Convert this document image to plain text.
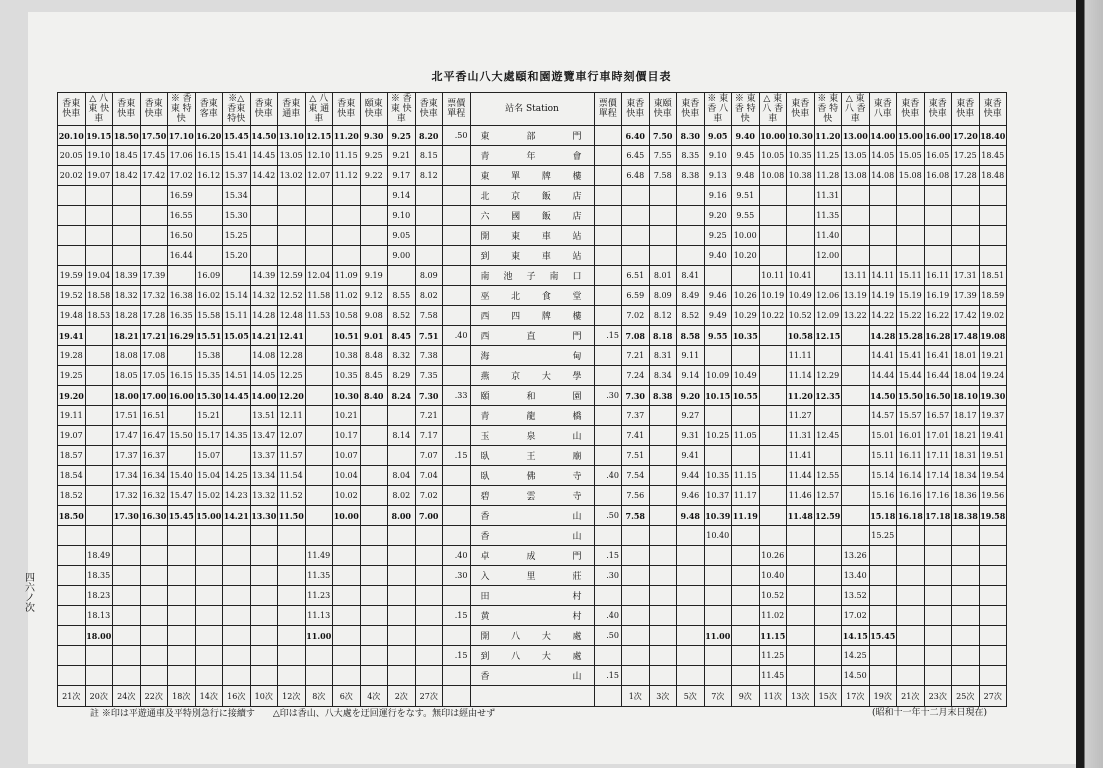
北平香山八大處頤和園遊覽車行車時刻價目表
四六ノ次
香東 快車	△ 八東 快車	香東 快車	香東 快車	※ 香東 特快	香東 客車	※△ 香東 特快	香東 快車	香東 通車	△ 八東 通車	香東 快車	頤東 快車	※ 香東 快車	香東 快車	票價 單程	站名 Station	票價 單程	東香 快車	東頤 快車	東香 快車	※ 東香 八車	※ 東香 特快	△ 東八 香車	東香 快車	※ 東香 特快	△ 東八 香車	東香 八車	東香 快車	東香 快車	東香 快車	東香 快車
20.10	19.15	18.50	17.50	17.10	16.20	15.45	14.50	13.10	12.15	11.20	9.30	9.25	8.20	.50	東　　部　　門		6.40	7.50	8.30	9.05	9.40	10.00	10.30	11.20	13.00	14.00	15.00	16.00	17.20	18.40
20.05	19.10	18.45	17.45	17.06	16.15	15.41	14.45	13.05	12.10	11.15	9.25	9.21	8.15		青　　年　　會		6.45	7.55	8.35	9.10	9.45	10.05	10.35	11.25	13.05	14.05	15.05	16.05	17.25	18.45
20.02	19.07	18.42	17.42	17.02	16.12	15.37	14.42	13.02	12.07	11.12	9.22	9.17	8.12		東　單　牌　樓		6.48	7.58	8.38	9.13	9.48	10.08	10.38	11.28	13.08	14.08	15.08	16.08	17.28	18.48
				16.59		15.34						9.14			北　京　飯　店					9.16	9.51			11.31						
				16.55		15.30						9.10			六　國　飯　店					9.20	9.55			11.35						
				16.50		15.25						9.05			開　東　車　站					9.25	10.00			11.40						
				16.44		15.20						9.00			到　東　車　站					9.40	10.20			12.00						
19.59	19.04	18.39	17.39		16.09		14.39	12.59	12.04	11.09	9.19		8.09		南　池　子　南　口		6.51	8.01	8.41			10.11	10.41		13.11	14.11	15.11	16.11	17.31	18.51
19.52	18.58	18.32	17.32	16.38	16.02	15.14	14.32	12.52	11.58	11.02	9.12	8.55	8.02		巫　北　食　堂		6.59	8.09	8.49	9.46	10.26	10.19	10.49	12.06	13.19	14.19	15.19	16.19	17.39	18.59
19.48	18.53	18.28	17.28	16.35	15.58	15.11	14.28	12.48	11.53	10.58	9.08	8.52	7.58		西　四　牌　樓		7.02	8.12	8.52	9.49	10.29	10.22	10.52	12.09	13.22	14.22	15.22	16.22	17.42	19.02
19.41		18.21	17.21	16.29	15.51	15.05	14.21	12.41		10.51	9.01	8.45	7.51	.40	西　　直　　門	.15	7.08	8.18	8.58	9.55	10.35		10.58	12.15		14.28	15.28	16.28	17.48	19.08
19.28		18.08	17.08		15.38		14.08	12.28		10.38	8.48	8.32	7.38		海　　　　甸		7.21	8.31	9.11				11.11			14.41	15.41	16.41	18.01	19.21
19.25		18.05	17.05	16.15	15.35	14.51	14.05	12.25		10.35	8.45	8.29	7.35		燕　京　大　學		7.24	8.34	9.14	10.09	10.49		11.14	12.29		14.44	15.44	16.44	18.04	19.24
19.20		18.00	17.00	16.00	15.30	14.45	14.00	12.20		10.30	8.40	8.24	7.30	.33	頤　　和　　園	.30	7.30	8.38	9.20	10.15	10.55		11.20	12.35		14.50	15.50	16.50	18.10	19.30
19.11		17.51	16.51		15.21		13.51	12.11		10.21			7.21		青　　龍　　橋		7.37		9.27				11.27			14.57	15.57	16.57	18.17	19.37
19.07		17.47	16.47	15.50	15.17	14.35	13.47	12.07		10.17		8.14	7.17		玉　　泉　　山		7.41		9.31	10.25	11.05		11.31	12.45		15.01	16.01	17.01	18.21	19.41
18.57		17.37	16.37		15.07		13.37	11.57		10.07			7.07	.15	臥　　王　　廟		7.51		9.41				11.41			15.11	16.11	17.11	18.31	19.51
18.54		17.34	16.34	15.40	15.04	14.25	13.34	11.54		10.04		8.04	7.04		臥　　佛　　寺	.40	7.54		9.44	10.35	11.15		11.44	12.55		15.14	16.14	17.14	18.34	19.54
18.52		17.32	16.32	15.47	15.02	14.23	13.32	11.52		10.02		8.02	7.02		碧　　雲　　寺		7.56		9.46	10.37	11.17		11.46	12.57		15.16	16.16	17.16	18.36	19.56
18.50		17.30	16.30	15.45	15.00	14.21	13.30	11.50		10.00		8.00	7.00		香　　　　山	.50	7.58		9.48	10.39	11.19		11.48	12.59		15.18	16.18	17.18	18.38	19.58
															香　　　　山					10.40						15.25				
	18.49								11.49					.40	卓　　成　　門	.15						10.26			13.26					
	18.35								11.35					.30	入　　里　　莊	.30						10.40			13.40					
	18.23								11.23						田　　　　村							10.52			13.52					
	18.13								11.13					.15	黄　　　　村	.40						11.02			17.02					
	18.00								11.00						開　八　大　處	.50				11.00		11.15			14.15	15.45				
														.15	到　八　大　處							11.25			14.25					
															香　　　　山	.15						11.45			14.50					
21次	20次	24次	22次	18次	14次	16次	10次	12次	8次	6次	4次	2次	27次				1次	3次	5次	7次	9次	11次	13次	15次	17次	19次	21次	23次	25次	27次
註 ※印は平遊通車及平特別急行に接續す　　△印は香山、八大處を迂回運行をなす。無印は經由せず	(昭和十一年十二月末日現在)
